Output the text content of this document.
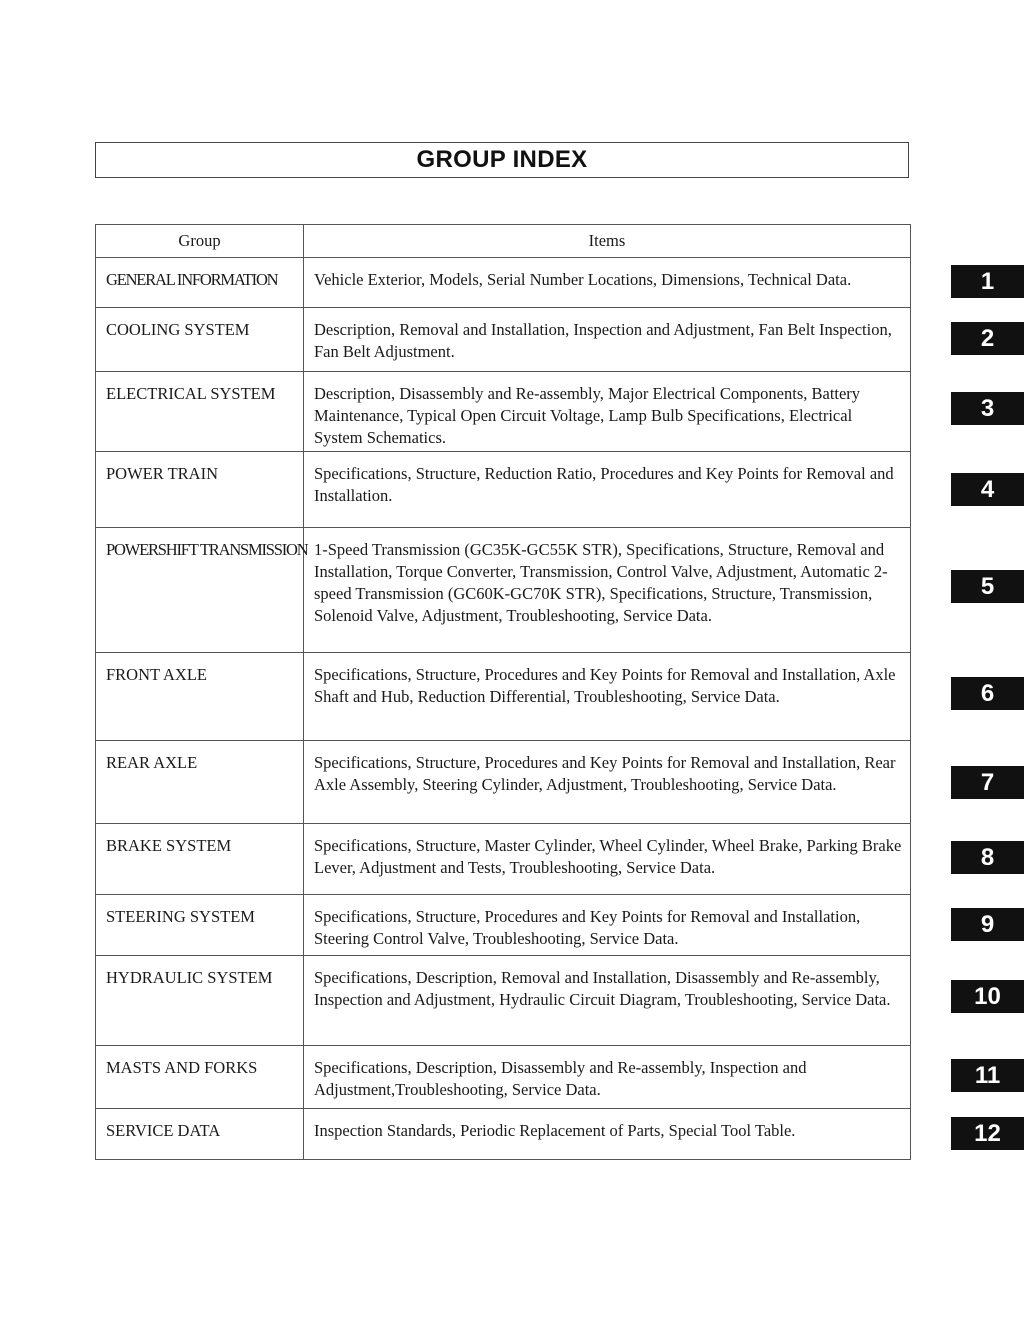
GROUP INDEX
Group	Items
GENERAL INFORMATION	Vehicle Exterior, Models, Serial Number Locations, Dimensions, Technical Data.
COOLING SYSTEM	Description, Removal and Installation, Inspection and Adjustment, Fan Belt Inspection, Fan Belt Adjustment.
ELECTRICAL SYSTEM	Description, Disassembly and Re-assembly, Major Electrical Components, Battery Maintenance, Typical Open Circuit Voltage, Lamp Bulb Specifications, Electrical System Schematics.
POWER TRAIN	Specifications, Structure, Reduction Ratio, Procedures and Key Points for Removal and Installation.
POWERSHIFT TRANSMISSION	1-Speed Transmission (GC35K-GC55K STR), Specifications, Structure, Removal and Installation, Torque Converter, Transmission, Control Valve, Adjustment, Automatic 2-speed Transmission (GC60K-GC70K STR), Specifications, Structure, Transmission, Solenoid Valve, Adjustment, Troubleshooting, Service Data.
FRONT AXLE	Specifications, Structure, Procedures and Key Points for Removal and Installation, Axle Shaft and Hub, Reduction Differential, Troubleshooting, Service Data.
REAR AXLE	Specifications, Structure, Procedures and Key Points for Removal and Installation, Rear Axle Assembly, Steering Cylinder, Adjustment, Troubleshooting, Service Data.
BRAKE SYSTEM	Specifications, Structure, Master Cylinder, Wheel Cylinder, Wheel Brake, Parking Brake Lever, Adjustment and Tests, Troubleshooting, Service Data.
STEERING SYSTEM	Specifications, Structure, Procedures and Key Points for Removal and Installation, Steering Control Valve, Troubleshooting, Service Data.
HYDRAULIC SYSTEM	Specifications, Description, Removal and Installation, Disassembly and Re-assembly, Inspection and Adjustment, Hydraulic Circuit Diagram, Troubleshooting, Service Data.
MASTS AND FORKS	Specifications, Description, Disassembly and Re-assembly, Inspection and Adjustment,Troubleshooting, Service Data.
SERVICE DATA	Inspection Standards, Periodic Replacement of Parts, Special Tool Table.
1
2
3
4
5
6
7
8
9
10
11
12
